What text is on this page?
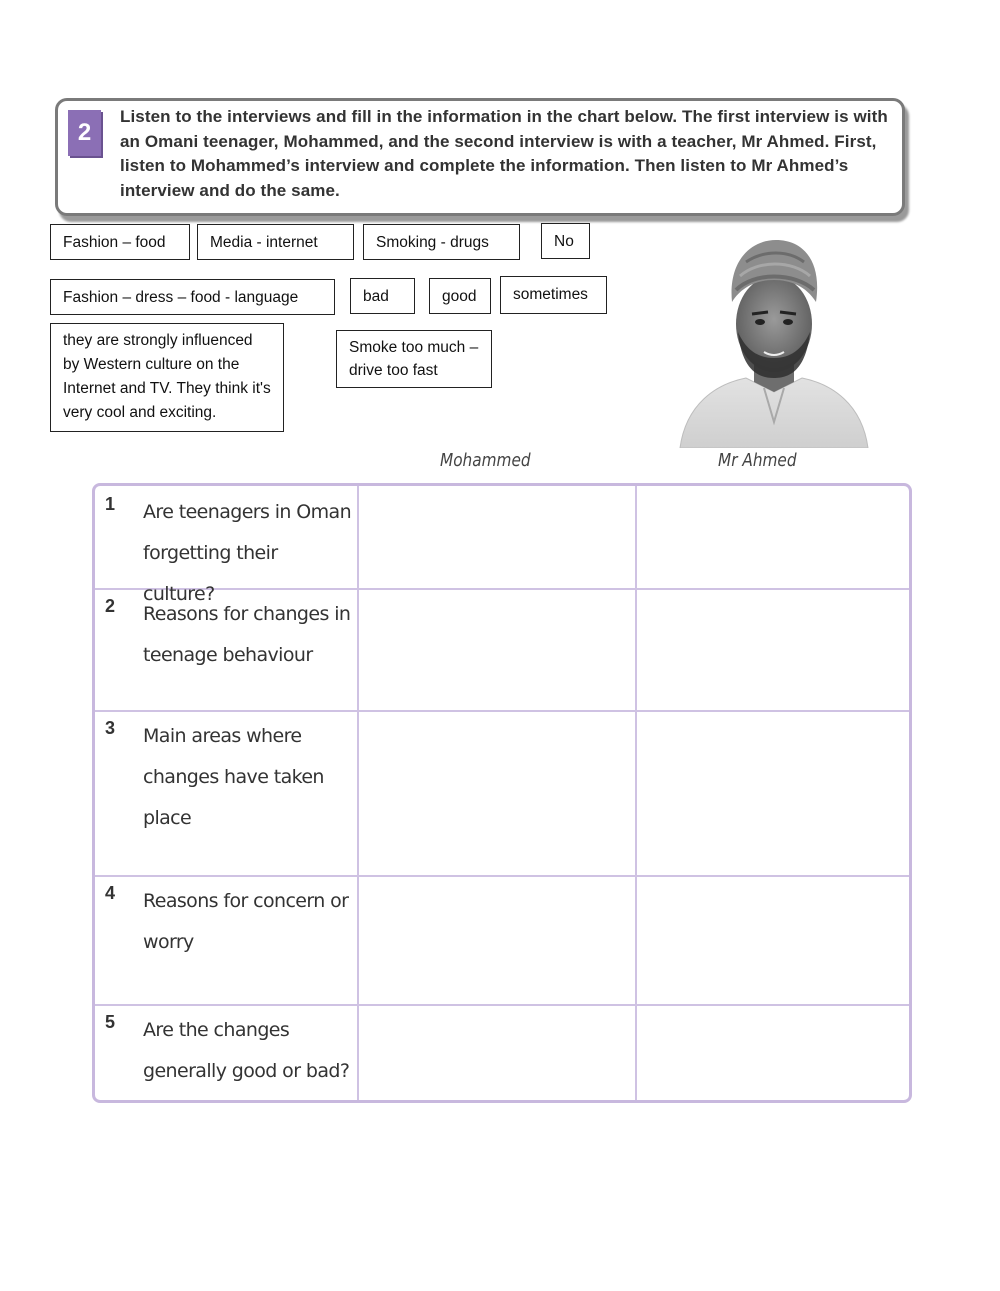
2
Listen to the interviews and fill in the information in the chart below. The first interview is with an Omani teenager, Mohammed, and the second interview is with a teacher, Mr Ahmed. First, listen to Mohammed’s interview and complete the information. Then listen to Mr Ahmed’s interview and do the same.
Fashion – food	Media - internet	Smoking - drugs	No
Fashion – dress – food - language	bad	good	sometimes
they are strongly influenced by Western culture on the Internet and TV. They think it's very cool and exciting.
Smoke too much – drive too fast
Mohammed	Mr Ahmed
1 Are teenagers in Oman forgetting their culture?
2 Reasons for changes in teenage behaviour
3 Main areas where changes have taken place
4 Reasons for concern or worry
5 Are the changes generally good or bad?
